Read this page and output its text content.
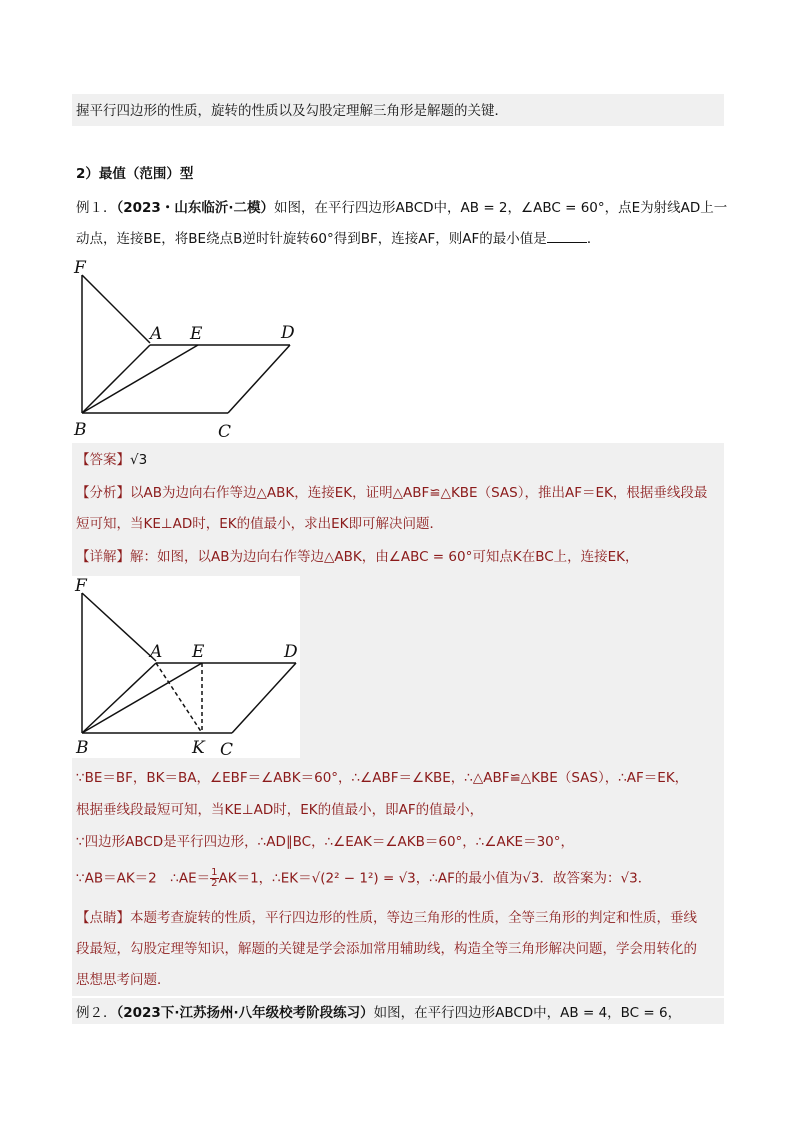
握平行四边形的性质，旋转的性质以及勾股定理解三角形是解题的关键．
2）最值（范围）型
例１．（2023・山东临沂·二模）如图，在平行四边形ABCD中，AB = 2，∠ABC = 60°，点E为射线AD上一
动点，连接BE，将BE绕点B逆时针旋转60°得到BF，连接AF，则AF的最小值是	．
F
A E	D
B	C
【答案】√3
【分析】以AB为边向右作等边△ABK，连接EK，证明△ABF≌△KBE（SAS），推出AF＝EK，根据垂线段最
短可知，当KE⊥AD时，EK的值最小，求出EK即可解决问题．
【详解】解：如图，以AB为边向右作等边△ABK，由∠ABC = 60°可知点K在BC上，连接EK，
F
A E	D
B	K C
∵BE＝BF，BK＝BA，∠EBF＝∠ABK＝60°，∴∠ABF＝∠KBE，∴△ABF≌△KBE（SAS），∴AF＝EK，
根据垂线段最短可知，当KE⊥AD时，EK的值最小，即AF的值最小，
∵四边形ABCD是平行四边形，∴AD∥BC，∴∠EAK＝∠AKB＝60°，∴∠AKE＝30°，
∵AB＝AK＝2　∴AE＝ $\frac{1}{2} AK=1$，∴EK＝√(2² − 1²) = √3，∴AF的最小值为√3．故答案为：√3．
【点睛】本题考查旋转的性质，平行四边形的性质，等边三角形的性质，全等三角形的判定和性质，垂线
段最短，勾股定理等知识，解题的关键是学会添加常用辅助线，构造全等三角形解决问题，学会用转化的
思想思考问题．
例２．（2023下·江苏扬州·八年级校考阶段练习）如图，在平行四边形ABCD中，AB = 4，BC = 6，
